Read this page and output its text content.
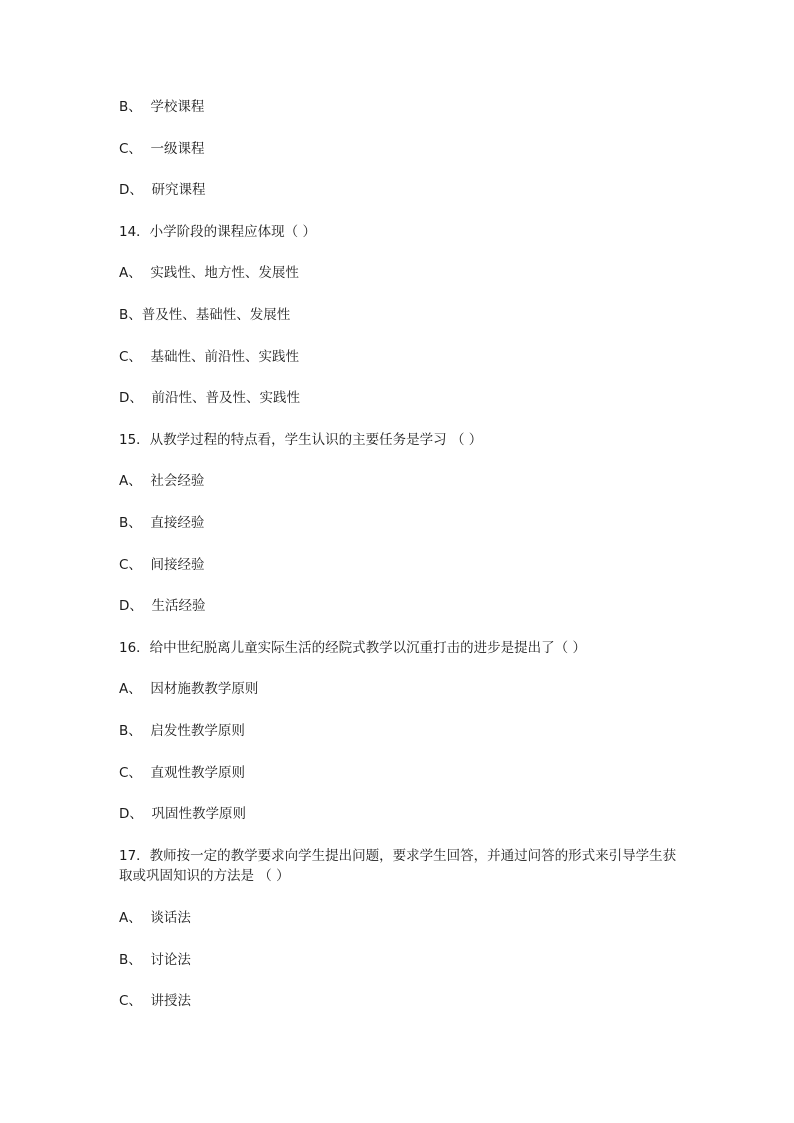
B、  学校课程
C、  一级课程
D、  研究课程
14．小学阶段的课程应体现（ ）
A、  实践性、地方性、发展性
B、普及性、基础性、发展性
C、  基础性、前沿性、实践性
D、  前沿性、普及性、实践性
15．从教学过程的特点看，学生认识的主要任务是学习 （ ）
A、  社会经验
B、  直接经验
C、  间接经验
D、  生活经验
16．给中世纪脱离儿童实际生活的经院式教学以沉重打击的进步是提出了（ ）
A、  因材施教教学原则
B、  启发性教学原则
C、  直观性教学原则
D、  巩固性教学原则
17．教师按一定的教学要求向学生提出问题，要求学生回答，并通过问答的形式来引导学生获取或巩固知识的方法是 （ ）
A、  谈话法
B、  讨论法
C、  讲授法
